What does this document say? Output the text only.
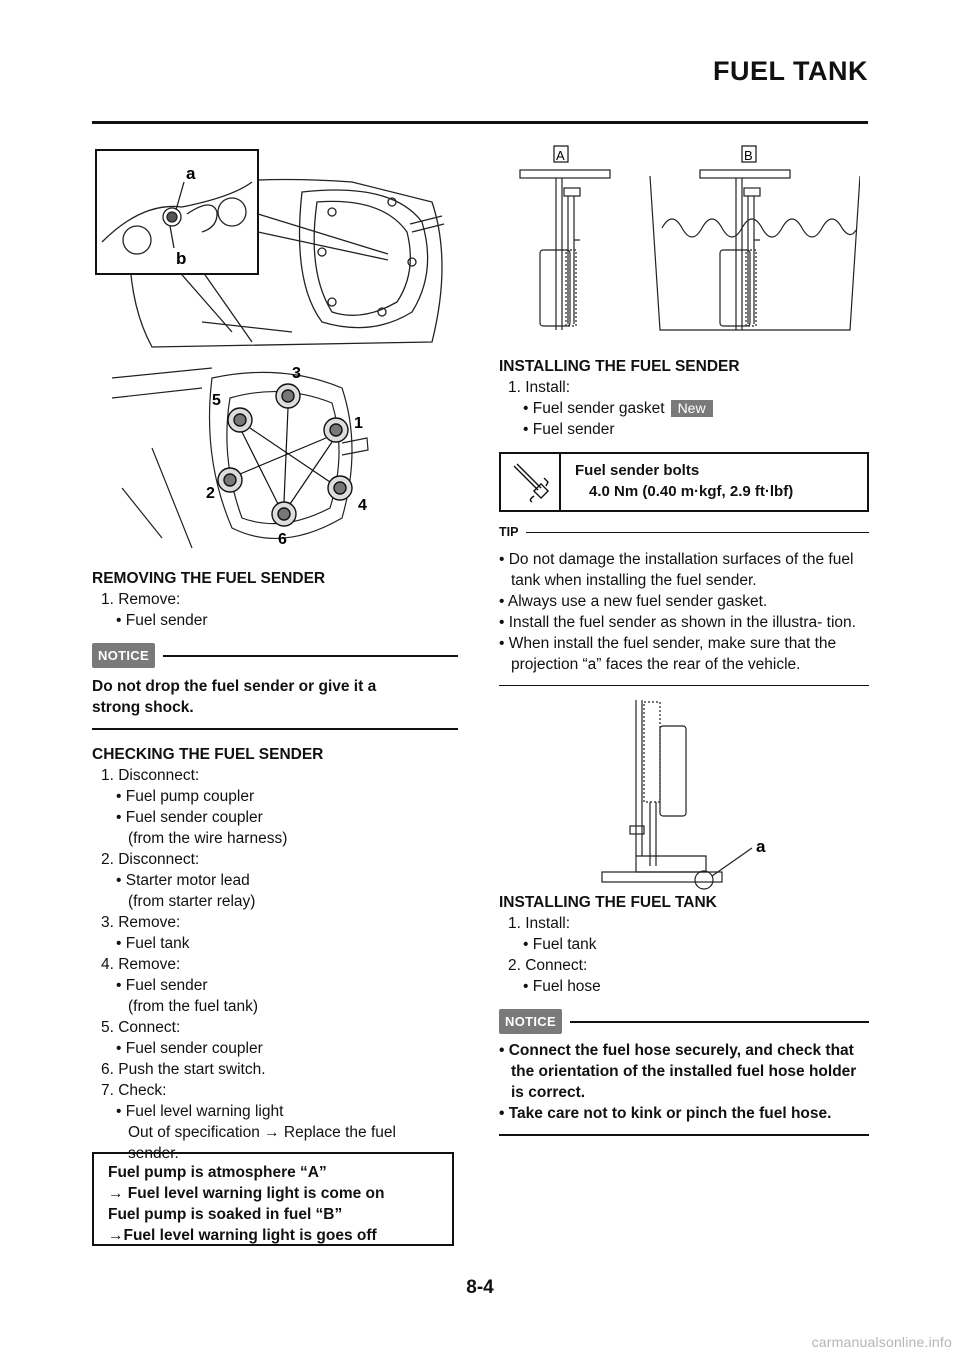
FUEL TANK
a
b
3
5
1
2
4
6
A	B
a

REMOVING THE FUEL SENDER

1. Remove:

• Fuel sender

NOTICE

Do not drop the fuel sender or give it a
strong shock.

CHECKING THE FUEL SENDER

1. Disconnect:

• Fuel pump coupler

• Fuel sender coupler

(from the wire harness)

2. Disconnect:

• Starter motor lead

(from starter relay)

3. Remove:

• Fuel tank

4. Remove:

• Fuel sender

(from the fuel tank)

5. Connect:

• Fuel sender coupler

6. Push the start switch.

7. Check:

• Fuel level warning light

Out of specification → Replace the fuel

sender.

Fuel pump is atmosphere “A”
→ Fuel level warning light is come on
Fuel pump is soaked in fuel “B”
→Fuel level warning light is goes off

INSTALLING THE FUEL SENDER

1. Install:

• Fuel sender gasket New

• Fuel sender

Fuel sender bolts
4.0 Nm (0.40 m·kgf, 2.9 ft·lbf)
TIP

• Do not damage the installation surfaces of the fuel tank when installing the fuel sender.

• Always use a new fuel sender gasket.

• Install the fuel sender as shown in the illustra- tion.

• When install the fuel sender, make sure that the projection “a” faces the rear of the vehicle.

INSTALLING THE FUEL TANK

1. Install:

• Fuel tank

2. Connect:

• Fuel hose

NOTICE

• Connect the fuel hose securely, and check that the orientation of the installed fuel hose holder is correct.

• Take care not to kink or pinch the fuel hose.

8-4
carmanualsonline.info
